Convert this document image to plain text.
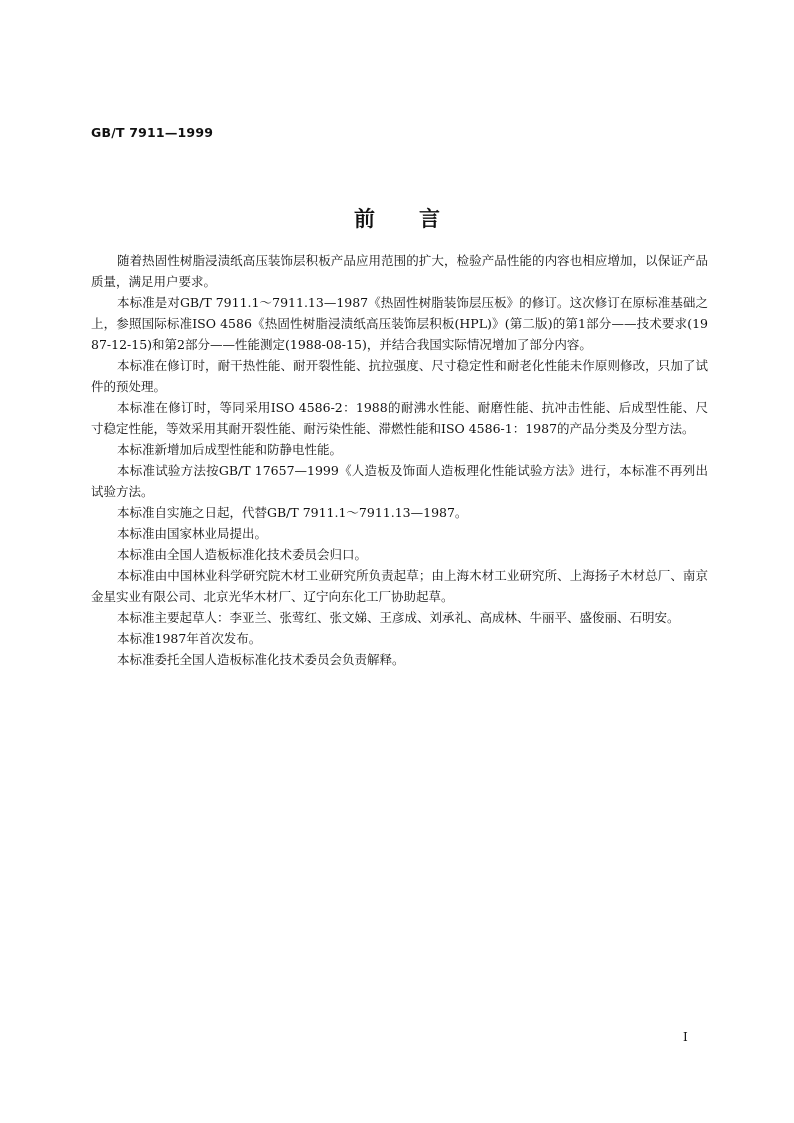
GB/T 7911—1999
前言

随着热固性树脂浸渍纸高压装饰层积板产品应用范围的扩大，检验产品性能的内容也相应增加，以保证产品质量，满足用户要求。

本标准是对GB/T 7911.1～7911.13—1987《热固性树脂装饰层压板》的修订。这次修订在原标准基础之上，参照国际标准ISO 4586《热固性树脂浸渍纸高压装饰层积板(HPL)》(第二版)的第1部分——技术要求(1987-12-15)和第2部分——性能测定(1988-08-15)，并结合我国实际情况增加了部分内容。

本标准在修订时，耐干热性能、耐开裂性能、抗拉强度、尺寸稳定性和耐老化性能未作原则修改，只加了试件的预处理。

本标准在修订时，等同采用ISO 4586-2：1988的耐沸水性能、耐磨性能、抗冲击性能、后成型性能、尺寸稳定性能，等效采用其耐开裂性能、耐污染性能、滞燃性能和ISO 4586-1：1987的产品分类及分型方法。

本标准新增加后成型性能和防静电性能。

本标准试验方法按GB/T 17657—1999《人造板及饰面人造板理化性能试验方法》进行，本标准不再列出试验方法。

本标准自实施之日起，代替GB/T 7911.1～7911.13—1987。

本标准由国家林业局提出。

本标准由全国人造板标准化技术委员会归口。

本标准由中国林业科学研究院木材工业研究所负责起草；由上海木材工业研究所、上海扬子木材总厂、南京金星实业有限公司、北京光华木材厂、辽宁向东化工厂协助起草。

本标准主要起草人：李亚兰、张莺红、张文娣、王彦成、刘承礼、高成林、牛丽平、盛俊丽、石明安。

本标准1987年首次发布。

本标准委托全国人造板标准化技术委员会负责解释。

I
